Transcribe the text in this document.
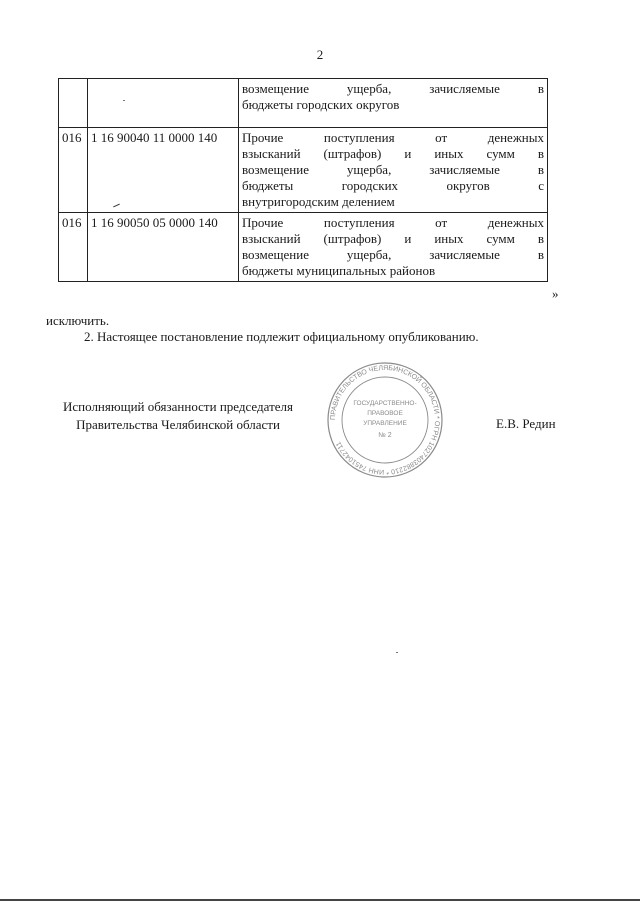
2

		возмещение ущерба, зачисляемые в
бюджеты городских округов

016	1 16 90040 11 0000 140	Прочие поступления от денежных
взысканий (штрафов) и иных сумм в
возмещение ущерба, зачисляемые в
бюджеты городских округов с
внутригородским делением

016	1 16 90050 05 0000 140	Прочие поступления от денежных
взысканий (штрафов) и иных сумм в
возмещение ущерба, зачисляемые в
бюджеты муниципальных районов
»
исключить.
2. Настоящее постановление подлежит официальному опубликованию.
Исполняющий обязанности председателя
Правительства Челябинской области	Е.В. Редин
ПРАВИТЕЛЬСТВО ЧЕЛЯБИНСКОЙ ОБЛАСТИ * ОГРН 1027403882210 * ИНН 7451042711
ГОСУДАРСТВЕННО-
ПРАВОВОЕ
УПРАВЛЕНИЕ
№ 2
